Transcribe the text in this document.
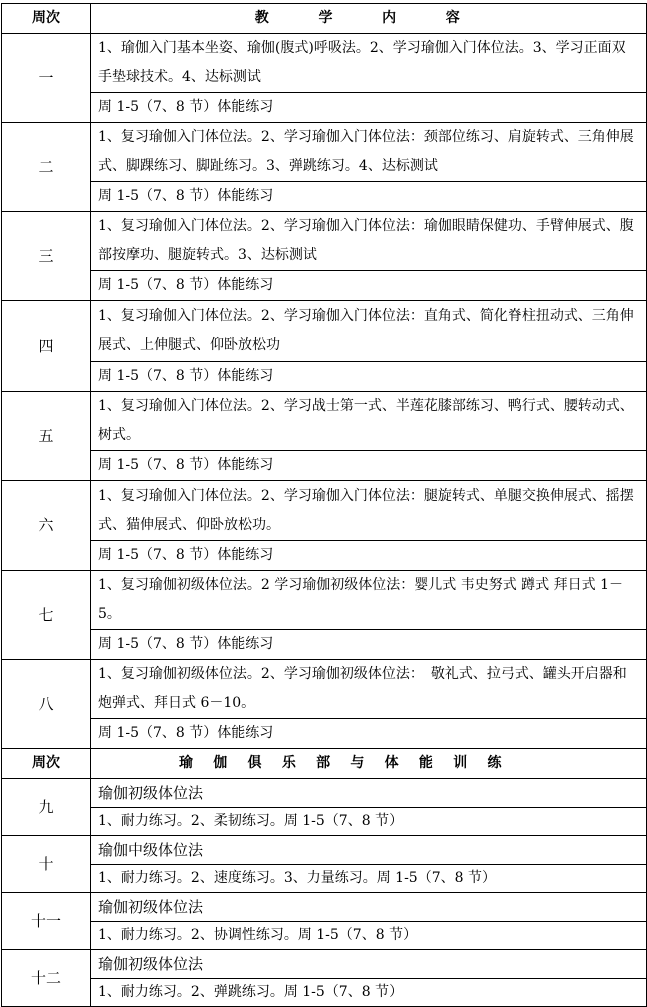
周次	教 学 内 容
一	1、瑜伽入门基本坐姿、瑜伽(腹式)呼吸法。2、学习瑜伽入门体位法。3、学习正面双手垫球技术。4、达标测试
	周 1-5（7、8 节）体能练习
二	1、复习瑜伽入门体位法。2、学习瑜伽入门体位法：颈部位练习、肩旋转式、三角伸展式、脚踝练习、脚趾练习。3、弹跳练习。4、达标测试
	周 1-5（7、8 节）体能练习
三	1、复习瑜伽入门体位法。2、学习瑜伽入门体位法：瑜伽眼睛保健功、手臂伸展式、腹部按摩功、腿旋转式。3、达标测试
	周 1-5（7、8 节）体能练习
四	1、复习瑜伽入门体位法。2、学习瑜伽入门体位法：直角式、简化脊柱扭动式、三角伸展式、上伸腿式、仰卧放松功
	周 1-5（7、8 节）体能练习
五	1、复习瑜伽入门体位法。2、学习战士第一式、半莲花膝部练习、鸭行式、腰转动式、树式。
	周 1-5（7、8 节）体能练习
六	1、复习瑜伽入门体位法。2、学习瑜伽入门体位法：腿旋转式、单腿交换伸展式、摇摆式、猫伸展式、仰卧放松功。
	周 1-5（7、8 节）体能练习
七	1、复习瑜伽初级体位法。2 学习瑜伽初级体位法：婴儿式 韦史努式 蹲式 拜日式 1－5。
	周 1-5（7、8 节）体能练习
八	1、复习瑜伽初级体位法。2、学习瑜伽初级体位法：　敬礼式、拉弓式、罐头开启器和炮弹式、拜日式 6－10。
	周 1-5（7、8 节）体能练习
周次	瑜 伽 俱 乐 部 与 体 能 训 练
九	瑜伽初级体位法
	1、耐力练习。2、柔韧练习。周 1-5（7、8 节）
十	瑜伽中级体位法
	1、耐力练习。2、速度练习。3、力量练习。周 1-5（7、8 节）
十一	瑜伽初级体位法
	1、耐力练习。2、协调性练习。周 1-5（7、8 节）
十二	瑜伽初级体位法
	1、耐力练习。2、弹跳练习。周 1-5（7、8 节）
